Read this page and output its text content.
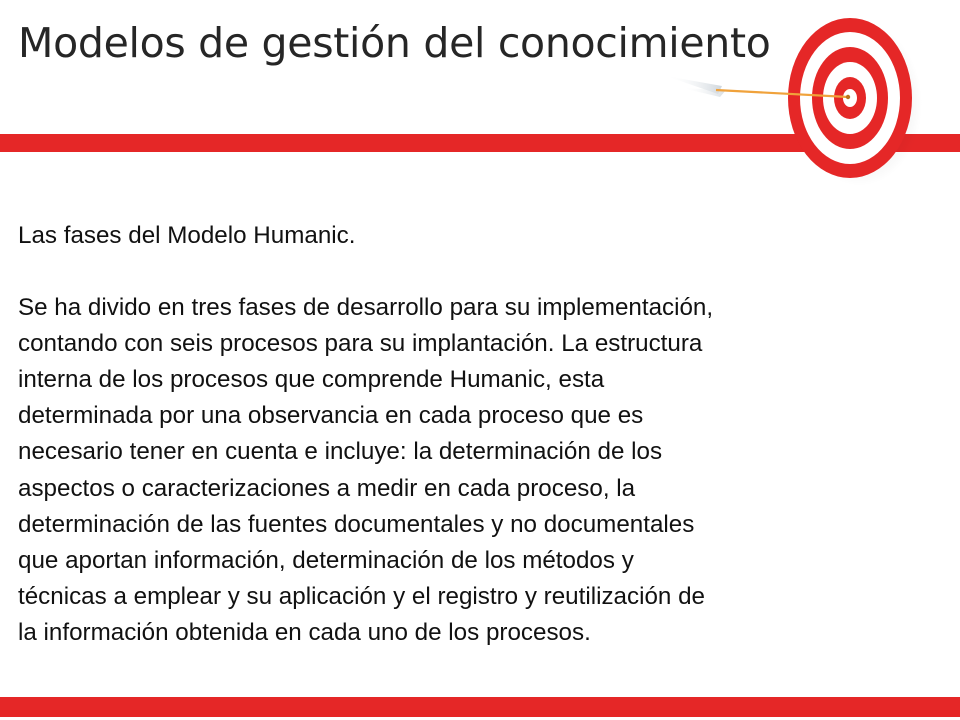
Modelos de gestión del conocimiento

Las fases del Modelo Humanic.

Se ha divido en tres fases de desarrollo para su implementación,

contando con seis procesos para su implantación. La estructura

interna de los procesos que comprende Humanic, esta

determinada por una observancia en cada proceso que es

necesario tener en cuenta e incluye: la determinación de los

aspectos o caracterizaciones a medir en cada proceso, la

determinación de las fuentes documentales y no documentales

que aportan información, determinación de los métodos y

técnicas a emplear y su aplicación y el registro y reutilización de

la información obtenida en cada uno de los procesos.
